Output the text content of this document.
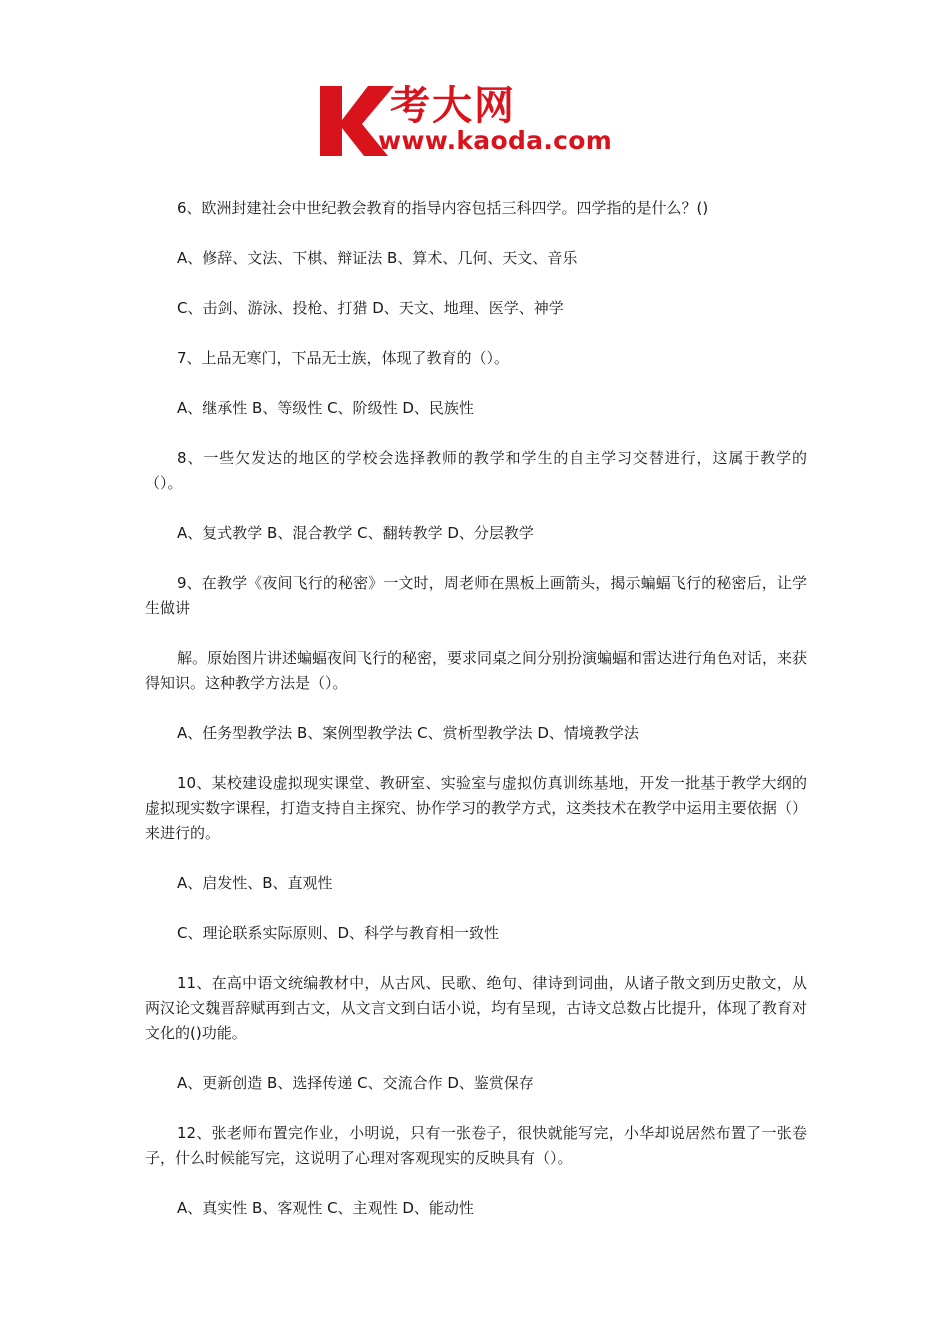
考大网
www.kaoda.com

6、欧洲封建社会中世纪教会教育的指导内容包括三科四学。四学指的是什么？()

A、修辞、文法、下棋、辩证法 B、算术、几何、天文、音乐

C、击剑、游泳、投枪、打猎 D、天文、地理、医学、神学

7、上品无寒门，下品无士族，体现了教育的（）。

A、继承性 B、等级性 C、阶级性 D、民族性

8、一些欠发达的地区的学校会选择教师的教学和学生的自主学习交替进行，这属于教学的（）。

A、复式教学 B、混合教学 C、翻转教学 D、分层教学

9、在教学《夜间飞行的秘密》一文时，周老师在黑板上画箭头，揭示蝙蝠飞行的秘密后，让学生做讲

解。原始图片讲述蝙蝠夜间飞行的秘密，要求同桌之间分别扮演蝙蝠和雷达进行角色对话，来获得知识。这种教学方法是（）。

A、任务型教学法 B、案例型教学法 C、赏析型教学法 D、情境教学法

10、某校建设虚拟现实课堂、教研室、实验室与虚拟仿真训练基地，开发一批基于教学大纲的虚拟现实数字课程，打造支持自主探究、协作学习的教学方式，这类技术在教学中运用主要依据（）来进行的。

A、启发性、B、直观性

C、理论联系实际原则、D、科学与教育相一致性

11、在高中语文统编教材中，从古风、民歌、绝句、律诗到词曲，从诸子散文到历史散文，从两汉论文魏晋辞赋再到古文，从文言文到白话小说，均有呈现，古诗文总数占比提升，体现了教育对文化的()功能。

A、更新创造 B、选择传递 C、交流合作 D、鉴赏保存

12、张老师布置完作业，小明说，只有一张卷子，很快就能写完，小华却说居然布置了一张卷子，什么时候能写完，这说明了心理对客观现实的反映具有（）。

A、真实性 B、客观性 C、主观性 D、能动性
